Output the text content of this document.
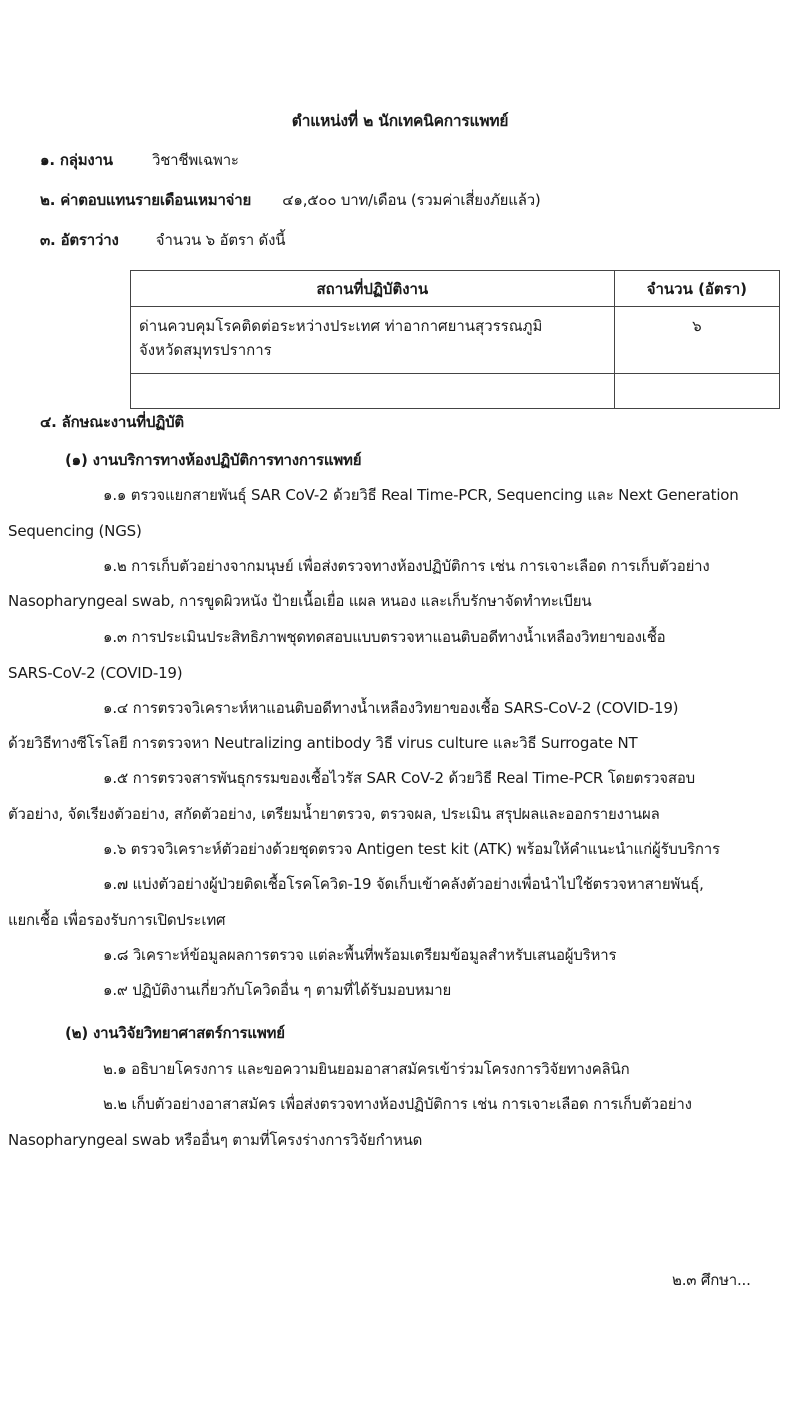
ตำแหน่งที่ ๒ นักเทคนิคการแพทย์
๑. กลุ่มงาน	วิชาชีพเฉพาะ
๒. ค่าตอบแทนรายเดือนเหมาจ่าย ๔๑,๕๐๐ บาท/เดือน (รวมค่าเสี่ยงภัยแล้ว)
๓. อัตราว่าง จำนวน ๖ อัตรา ดังนี้
สถานที่ปฏิบัติงาน	จำนวน (อัตรา)

ด่านควบคุมโรคติดต่อระหว่างประเทศ ท่าอากาศยานสุวรรณภูมิ
จังหวัดสมุทรปราการ	๖

๔. ลักษณะงานที่ปฏิบัติ
(๑) งานบริการทางห้องปฏิบัติการทางการแพทย์
๑.๑ ตรวจแยกสายพันธุ์ SAR CoV-2 ด้วยวิธี Real Time-PCR, Sequencing และ Next Generation
Sequencing (NGS)
๑.๒ การเก็บตัวอย่างจากมนุษย์ เพื่อส่งตรวจทางห้องปฏิบัติการ เช่น การเจาะเลือด การเก็บตัวอย่าง
Nasopharyngeal swab, การขูดผิวหนัง ป้ายเนื้อเยื่อ แผล หนอง และเก็บรักษาจัดทำทะเบียน
๑.๓ การประเมินประสิทธิภาพชุดทดสอบแบบตรวจหาแอนติบอดีทางน้ำเหลืองวิทยาของเชื้อ
SARS-CoV-2 (COVID-19)
๑.๔ การตรวจวิเคราะห์หาแอนติบอดีทางน้ำเหลืองวิทยาของเชื้อ SARS-CoV-2 (COVID-19)
ด้วยวิธีทางซีโรโลยี การตรวจหา Neutralizing antibody วิธี virus culture และวิธี Surrogate NT
๑.๕ การตรวจสารพันธุกรรมของเชื้อไวรัส SAR CoV-2 ด้วยวิธี Real Time-PCR โดยตรวจสอบ
ตัวอย่าง, จัดเรียงตัวอย่าง, สกัดตัวอย่าง, เตรียมน้ำยาตรวจ, ตรวจผล, ประเมิน สรุปผลและออกรายงานผล
๑.๖ ตรวจวิเคราะห์ตัวอย่างด้วยชุดตรวจ Antigen test kit (ATK) พร้อมให้คำแนะนำแก่ผู้รับบริการ
๑.๗ แบ่งตัวอย่างผู้ป่วยติดเชื้อโรคโควิด-19 จัดเก็บเข้าคลังตัวอย่างเพื่อนำไปใช้ตรวจหาสายพันธุ์,
แยกเชื้อ เพื่อรองรับการเปิดประเทศ
๑.๘ วิเคราะห์ข้อมูลผลการตรวจ แต่ละพื้นที่พร้อมเตรียมข้อมูลสำหรับเสนอผู้บริหาร
๑.๙ ปฏิบัติงานเกี่ยวกับโควิดอื่น ๆ ตามที่ได้รับมอบหมาย
(๒) งานวิจัยวิทยาศาสตร์การแพทย์
๒.๑ อธิบายโครงการ และขอความยินยอมอาสาสมัครเข้าร่วมโครงการวิจัยทางคลินิก
๒.๒ เก็บตัวอย่างอาสาสมัคร เพื่อส่งตรวจทางห้องปฏิบัติการ เช่น การเจาะเลือด การเก็บตัวอย่าง
Nasopharyngeal swab หรืออื่นๆ ตามที่โครงร่างการวิจัยกำหนด
๒.๓ ศึกษา...
